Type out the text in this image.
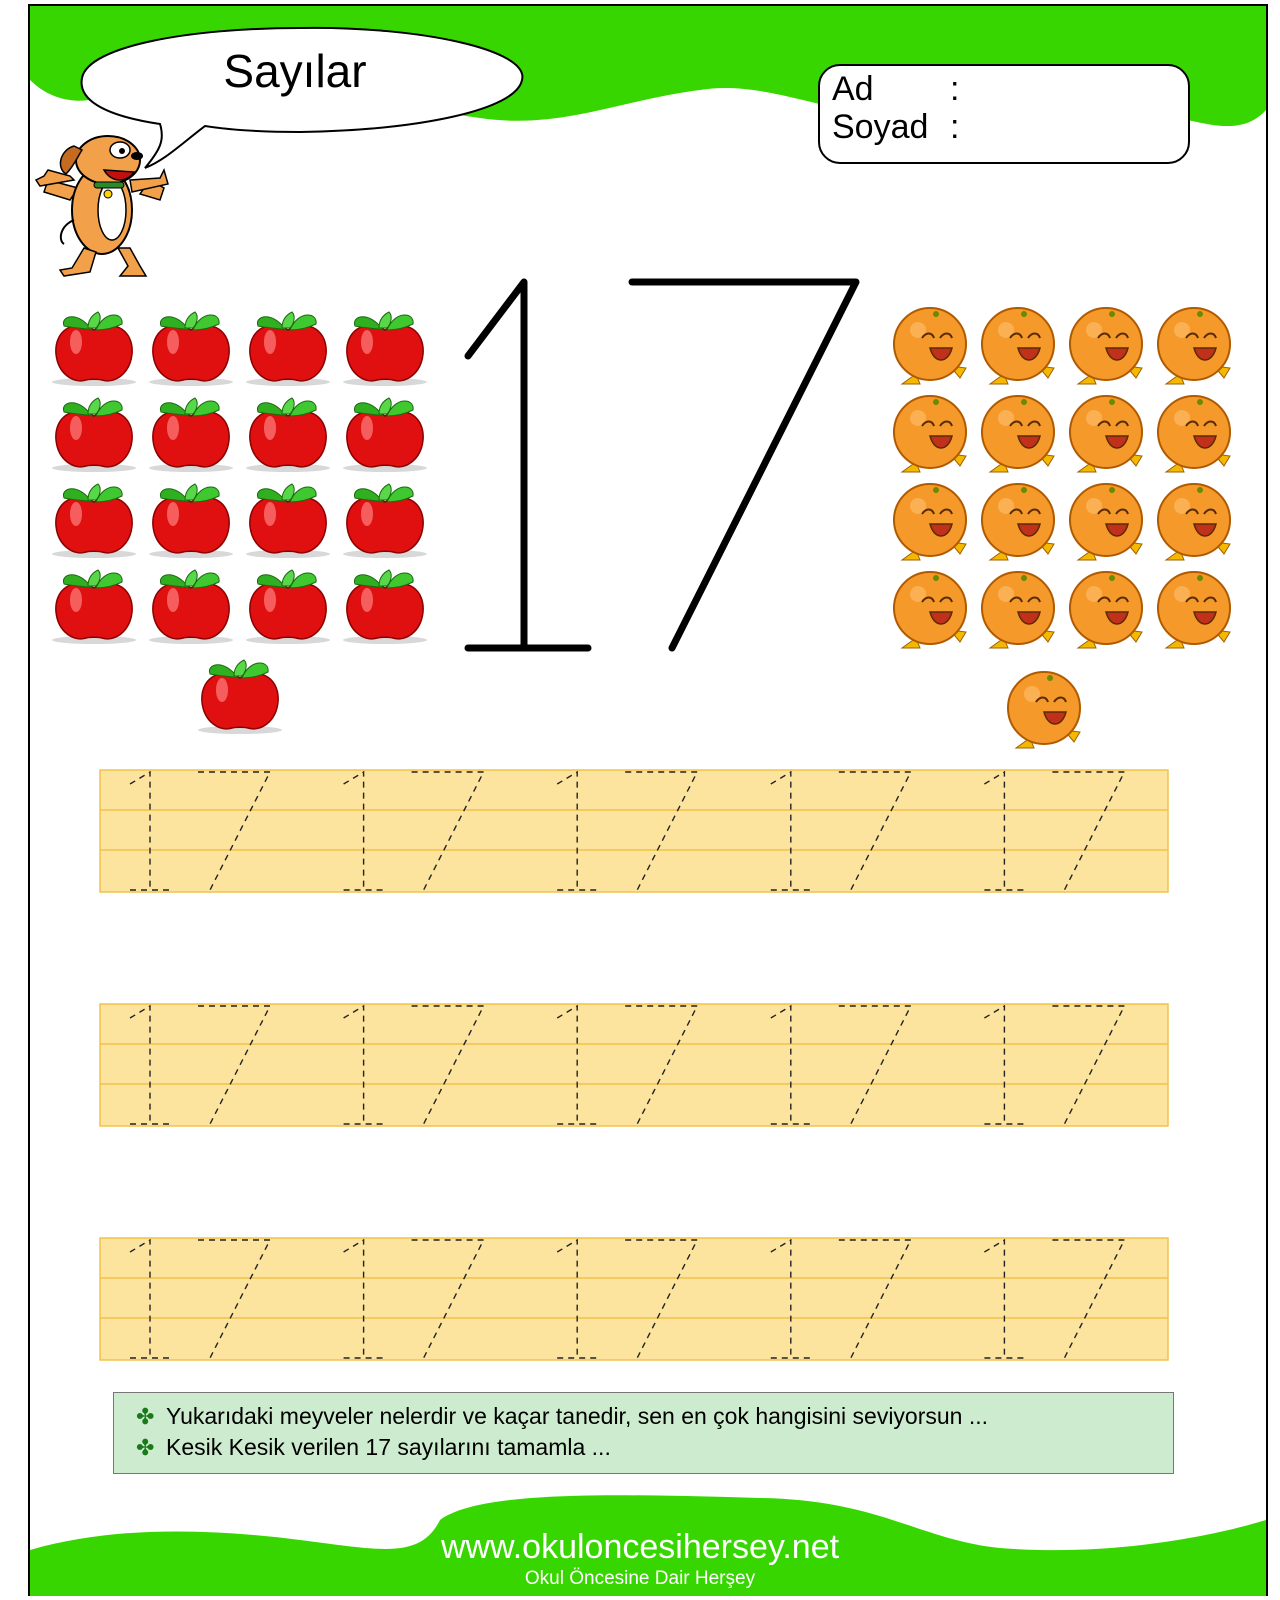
Sayılar	Ad :
Soyad :
✤ Yukarıdaki meyveler nelerdir ve kaçar tanedir, sen en çok hangisini seviyorsun ...
✤ Kesik Kesik verilen 17 sayılarını tamamla ...
www.okuloncesihersey.net
Okul Öncesine Dair Herşey
